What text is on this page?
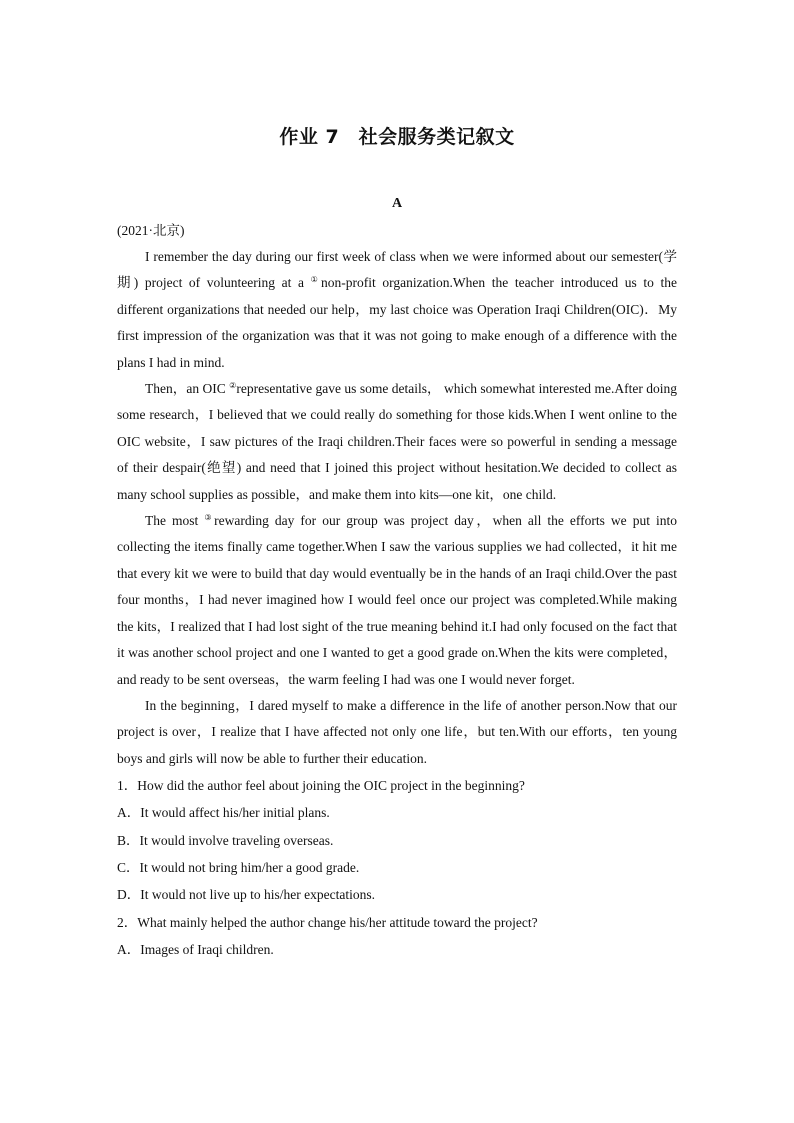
作业 7　社会服务类记叙文
A
(2021·北京)

I remember the day during our first week of class when we were informed about our semester(学期) project of volunteering at a ①non-profit organization.When the teacher introduced us to the different organizations that needed our help，my last choice was Operation Iraqi Children(OIC)．My first impression of the organization was that it was not going to make enough of a difference with the plans I had in mind.

Then，an OIC ②representative gave us some details， which somewhat interested me.After doing some research，I believed that we could really do something for those kids.When I went online to the OIC website，I saw pictures of the Iraqi children.Their faces were so powerful in sending a message of their despair(绝望) and need that I joined this project without hesitation.We decided to collect as many school supplies as possible，and make them into kits—one kit，one child.

The most ③rewarding day for our group was project day，when all the efforts we put into collecting the items finally came together.When I saw the various supplies we had collected，it hit me that every kit we were to build that day would eventually be in the hands of an Iraqi child.Over the past four months，I had never imagined how I would feel once our project was completed.While making the kits，I realized that I had lost sight of the true meaning behind it.I had only focused on the fact that it was another school project and one I wanted to get a good grade on.When the kits were completed，and ready to be sent overseas，the warm feeling I had was one I would never forget.

In the beginning，I dared myself to make a difference in the life of another person.Now that our project is over，I realize that I have affected not only one life，but ten.With our efforts，ten young boys and girls will now be able to further their education.

1．How did the author feel about joining the OIC project in the beginning?

A．It would affect his/her initial plans.

B．It would involve traveling overseas.

C．It would not bring him/her a good grade.

D．It would not live up to his/her expectations.

2．What mainly helped the author change his/her attitude toward the project?

A．Images of Iraqi children.
